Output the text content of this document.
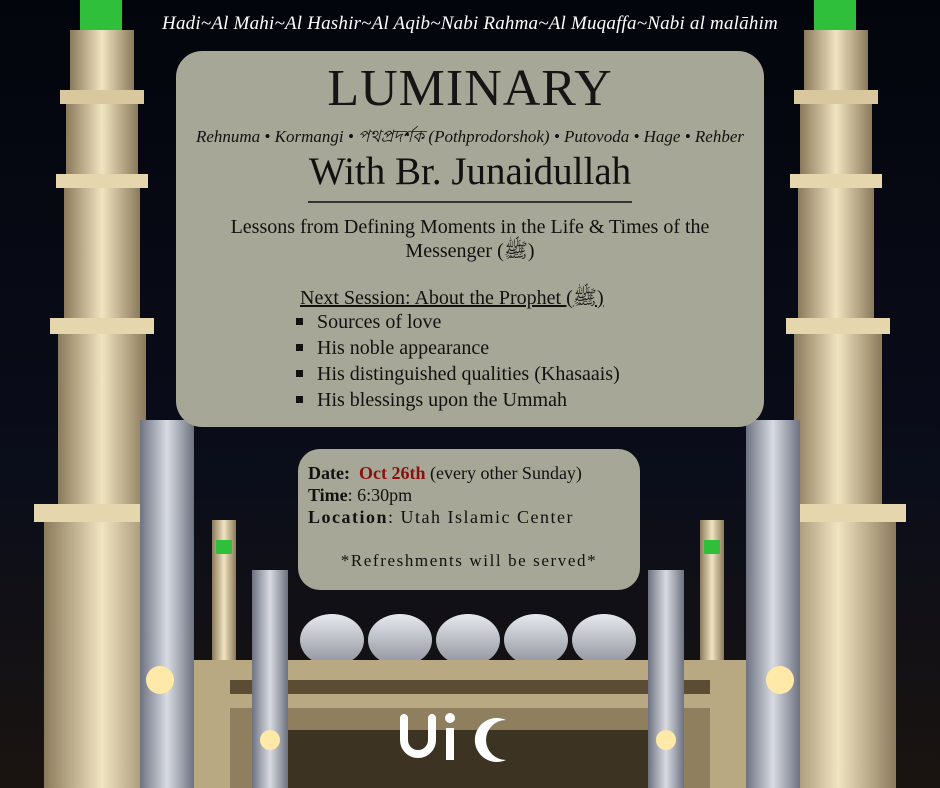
Hadi~Al Mahi~Al Hashir~Al Aqib~Nabi Rahma~Al Muqaffa~Nabi al malāhim
LUMINARY
Rehnuma • Kormangi • পথপ্রদর্শক (Pothprodorshok) • Putovoda • Hage • Rehber
With Br. Junaidullah
Lessons from Defining Moments in the Life & Times of the Messenger (ﷺ)
Next Session: About the Prophet (ﷺ)
Sources of love
His noble appearance
His distinguished qualities (Khasaais)
His blessings upon the Ummah
Date: Oct 26th (every other Sunday)
Time: 6:30pm
Location: Utah Islamic Center
*Refreshments will be served*
